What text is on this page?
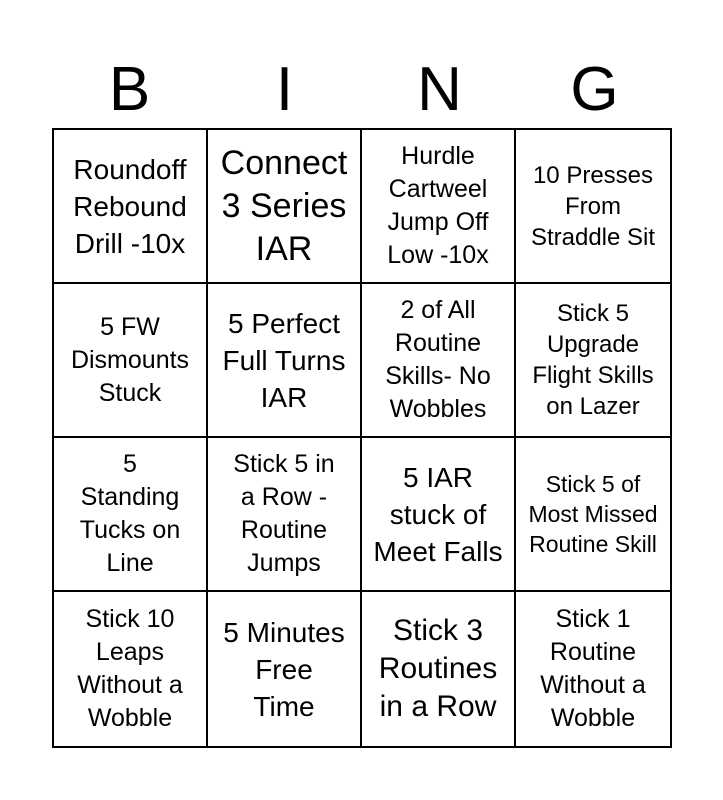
B	I	N	G
Roundoff
Rebound
Drill -10x
Connect
3 Series
IAR
Hurdle
Cartweel
Jump Off
Low -10x
10 Presses
From
Straddle Sit
5 FW
Dismounts
Stuck
5 Perfect
Full Turns
IAR
2 of All
Routine
Skills- No
Wobbles
Stick 5
Upgrade
Flight Skills
on Lazer
5
Standing
Tucks on
Line
Stick 5 in
a Row -
Routine
Jumps
5 IAR
stuck of
Meet Falls
Stick 5 of
Most Missed
Routine Skill
Stick 10
Leaps
Without a
Wobble
5 Minutes
Free
Time
Stick 3
Routines
in a Row
Stick 1
Routine
Without a
Wobble
